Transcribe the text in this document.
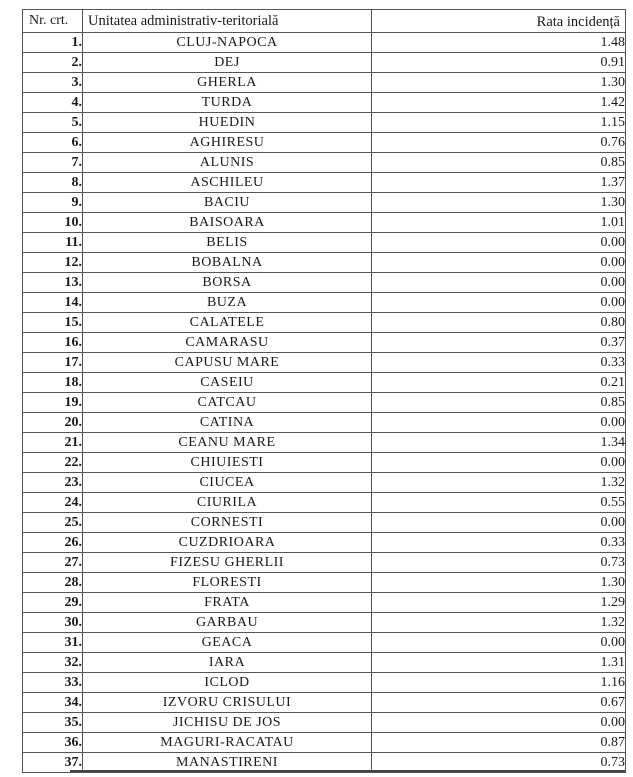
Nr. crt.	Unitatea administrativ-teritorială	Rata incidență
1.	CLUJ-NAPOCA	1.48
2.	DEJ	0.91
3.	GHERLA	1.30
4.	TURDA	1.42
5.	HUEDIN	1.15
6.	AGHIRESU	0.76
7.	ALUNIS	0.85
8.	ASCHILEU	1.37
9.	BACIU	1.30
10.	BAISOARA	1.01
11.	BELIS	0.00
12.	BOBALNA	0.00
13.	BORSA	0.00
14.	BUZA	0.00
15.	CALATELE	0.80
16.	CAMARASU	0.37
17.	CAPUSU MARE	0.33
18.	CASEIU	0.21
19.	CATCAU	0.85
20.	CATINA	0.00
21.	CEANU MARE	1.34
22.	CHIUIESTI	0.00
23.	CIUCEA	1.32
24.	CIURILA	0.55
25.	CORNESTI	0.00
26.	CUZDRIOARA	0.33
27.	FIZESU GHERLII	0.73
28.	FLORESTI	1.30
29.	FRATA	1.29
30.	GARBAU	1.32
31.	GEACA	0.00
32.	IARA	1.31
33.	ICLOD	1.16
34.	IZVORU CRISULUI	0.67
35.	JICHISU DE JOS	0.00
36.	MAGURI-RACATAU	0.87
37.	MANASTIRENI	0.73
